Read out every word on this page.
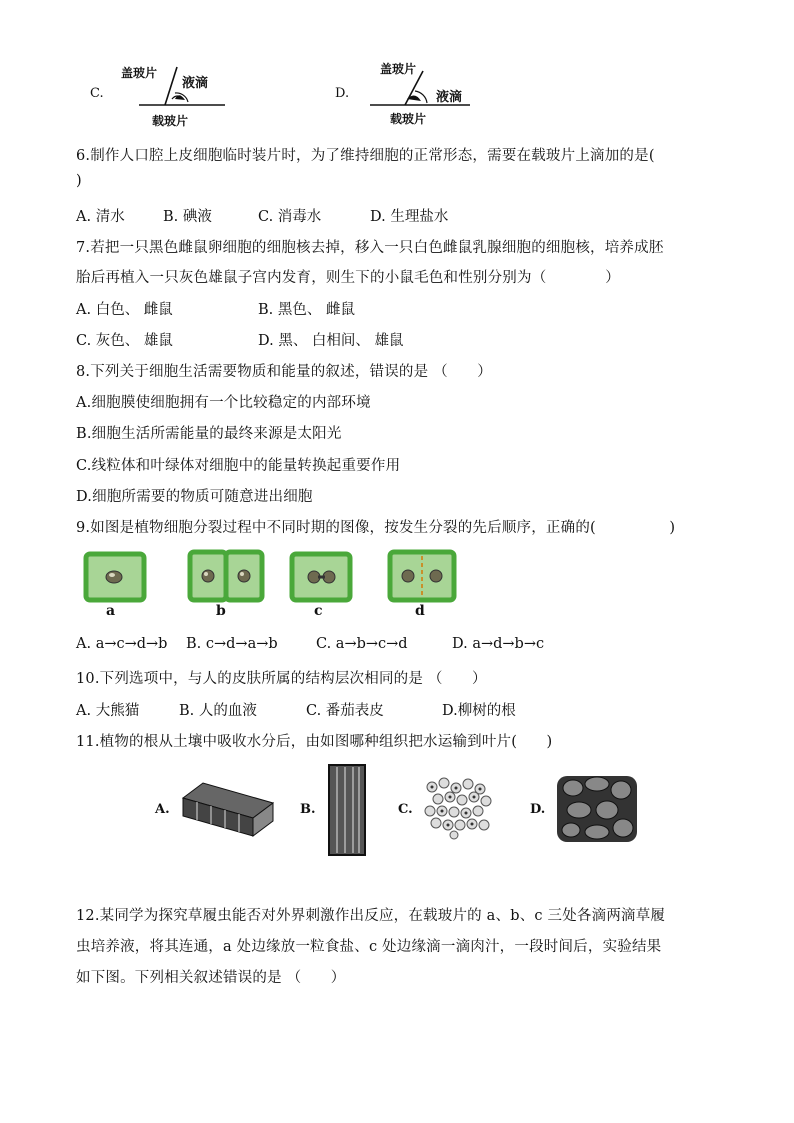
C.
盖玻片
液滴
载玻片
D.
盖玻片
液滴
载玻片
6.制作人口腔上皮细胞临时装片时，为了维持细胞的正常形态，需要在载玻片上滴加的是(
)
A. 清水	B. 碘液	C. 消毒水	D. 生理盐水
7.若把一只黑色雌鼠卵细胞的细胞核去掉，移入一只白色雌鼠乳腺细胞的细胞核，培养成胚
胎后再植入一只灰色雄鼠子宫内发育，则生下的小鼠毛色和性别分别为（　　　　）
A. 白色、 雌鼠	B. 黑色、 雌鼠
C. 灰色、 雄鼠	D. 黑、 白相间、 雄鼠
8.下列关于细胞生活需要物质和能量的叙述，错误的是 （　　）
A.细胞膜使细胞拥有一个比较稳定的内部环境
B.细胞生活所需能量的最终来源是太阳光
C.线粒体和叶绿体对细胞中的能量转换起重要作用
D.细胞所需要的物质可随意进出细胞
9.如图是植物细胞分裂过程中不同时期的图像，按发生分裂的先后顺序，正确的(　　　　　)
a	b	c	d
A. a→c→d→b B. c→d→a→b	C. a→b→c→d	D. a→d→b→c
10.下列选项中，与人的皮肤所属的结构层次相同的是 （　　）
A. 大熊猫	B. 人的血液	C. 番茄表皮	D.柳树的根
11.植物的根从土壤中吸收水分后，由如图哪种组织把水运输到叶片(　　)
A.	B.	C.	D.
12.某同学为探究草履虫能否对外界刺激作出反应，在载玻片的 a、b、c 三处各滴两滴草履
虫培养液，将其连通，a 处边缘放一粒食盐、c 处边缘滴一滴肉汁，一段时间后，实验结果
如下图。下列相关叙述错误的是 （　　）
